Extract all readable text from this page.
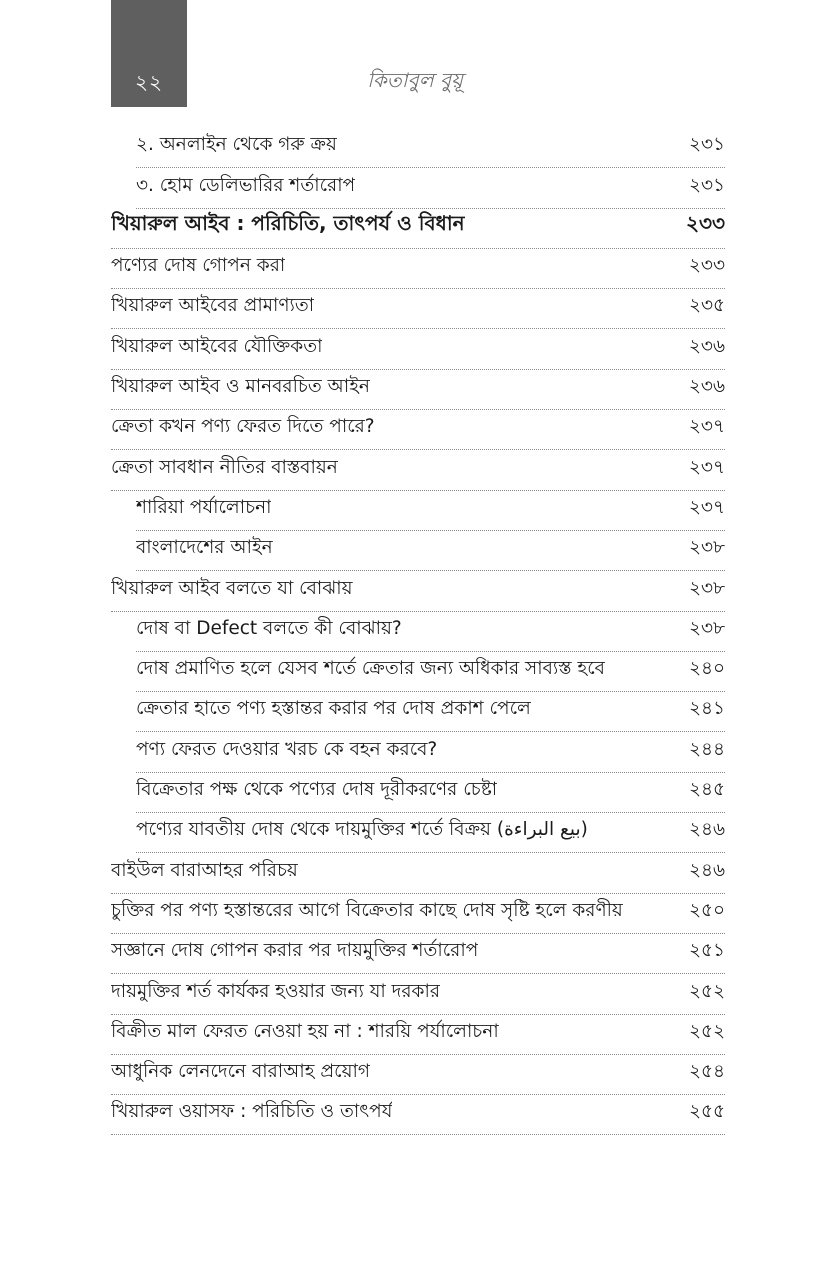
২২	কিতাবুল বুয়ূ
২. অনলাইন থেকে গরু ক্রয়	২৩১
৩. হোম ডেলিভারির শর্তারোপ	২৩১
খিয়ারুল আইব : পরিচিতি, তাৎপর্য ও বিধান	২৩৩
পণ্যের দোষ গোপন করা	২৩৩
খিয়ারুল আইবের প্রামাণ্যতা	২৩৫
খিয়ারুল আইবের যৌক্তিকতা	২৩৬
খিয়ারুল আইব ও মানবরচিত আইন	২৩৬
ক্রেতা কখন পণ্য ফেরত দিতে পারে?	২৩৭
ক্রেতা সাবধান নীতির বাস্তবায়ন	২৩৭
শারিয়া পর্যালোচনা	২৩৭
বাংলাদেশের আইন	২৩৮
খিয়ারুল আইব বলতে যা বোঝায়	২৩৮
দোষ বা Defect বলতে কী বোঝায়?	২৩৮
দোষ প্রমাণিত হলে যেসব শর্তে ক্রেতার জন্য অধিকার সাব্যস্ত হবে	২৪০
ক্রেতার হাতে পণ্য হস্তান্তর করার পর দোষ প্রকাশ পেলে	২৪১
পণ্য ফেরত দেওয়ার খরচ কে বহন করবে?	২৪৪
বিক্রেতার পক্ষ থেকে পণ্যের দোষ দূরীকরণের চেষ্টা	২৪৫
পণ্যের যাবতীয় দোষ থেকে দায়মুক্তির শর্তে বিক্রয় (بيع البراءة)	২৪৬
বাইউল বারাআহর পরিচয়	২৪৬
চুক্তির পর পণ্য হস্তান্তরের আগে বিক্রেতার কাছে দোষ সৃষ্টি হলে করণীয়	২৫০
সজ্ঞানে দোষ গোপন করার পর দায়মুক্তির শর্তারোপ	২৫১
দায়মুক্তির শর্ত কার্যকর হওয়ার জন্য যা দরকার	২৫২
বিক্রীত মাল ফেরত নেওয়া হয় না : শারয়ি পর্যালোচনা	২৫২
আধুনিক লেনদেনে বারাআহ প্রয়োগ	২৫৪
খিয়ারুল ওয়াসফ : পরিচিতি ও তাৎপর্য	২৫৫
